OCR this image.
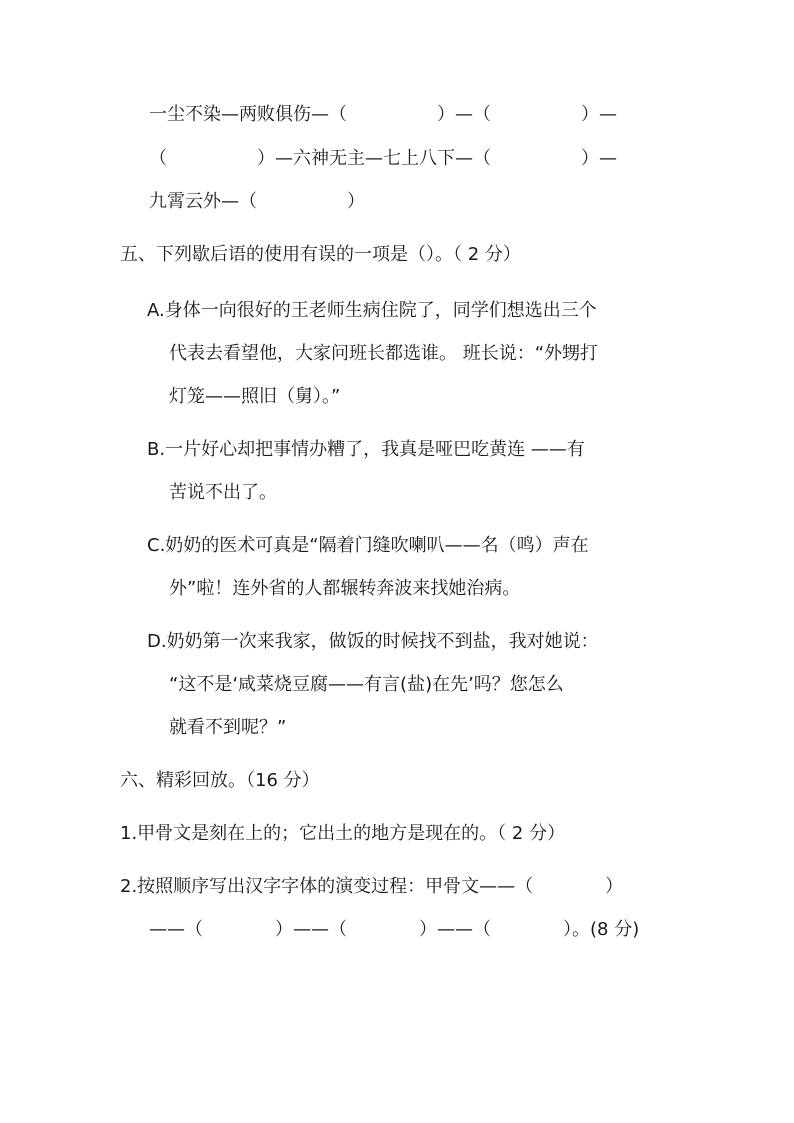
一尘不染—两败俱伤—（　　　　　）—（　　　　　）—
（　　　　　）—六神无主—七上八下—（　　　　　）—
九霄云外—（　　　　　）
五、下列歇后语的使用有误的一项是（）。（ 2 分）
A.身体一向很好的王老师生病住院了，同学们想选出三个
代表去看望他，大家问班长都选谁。 班长说：“外甥打
灯笼——照旧（舅）。”
B.一片好心却把事情办糟了，我真是哑巴吃黄连 ——有
苦说不出了。
C.奶奶的医术可真是“隔着门缝吹喇叭——名（鸣）声在
外”啦！连外省的人都辗转奔波来找她治病。
D.奶奶第一次来我家，做饭的时候找不到盐，我对她说：
“这不是‘咸菜烧豆腐——有言(盐)在先’吗？您怎么
就看不到呢？”
六、精彩回放。（16 分）
1.甲骨文是刻在上的；它出土的地方是现在的。（ 2 分）
2.按照顺序写出汉字字体的演变过程：甲骨文——（　　　　）
——（　　　　）——（　　　　）——（　　　　）。(8 分)
